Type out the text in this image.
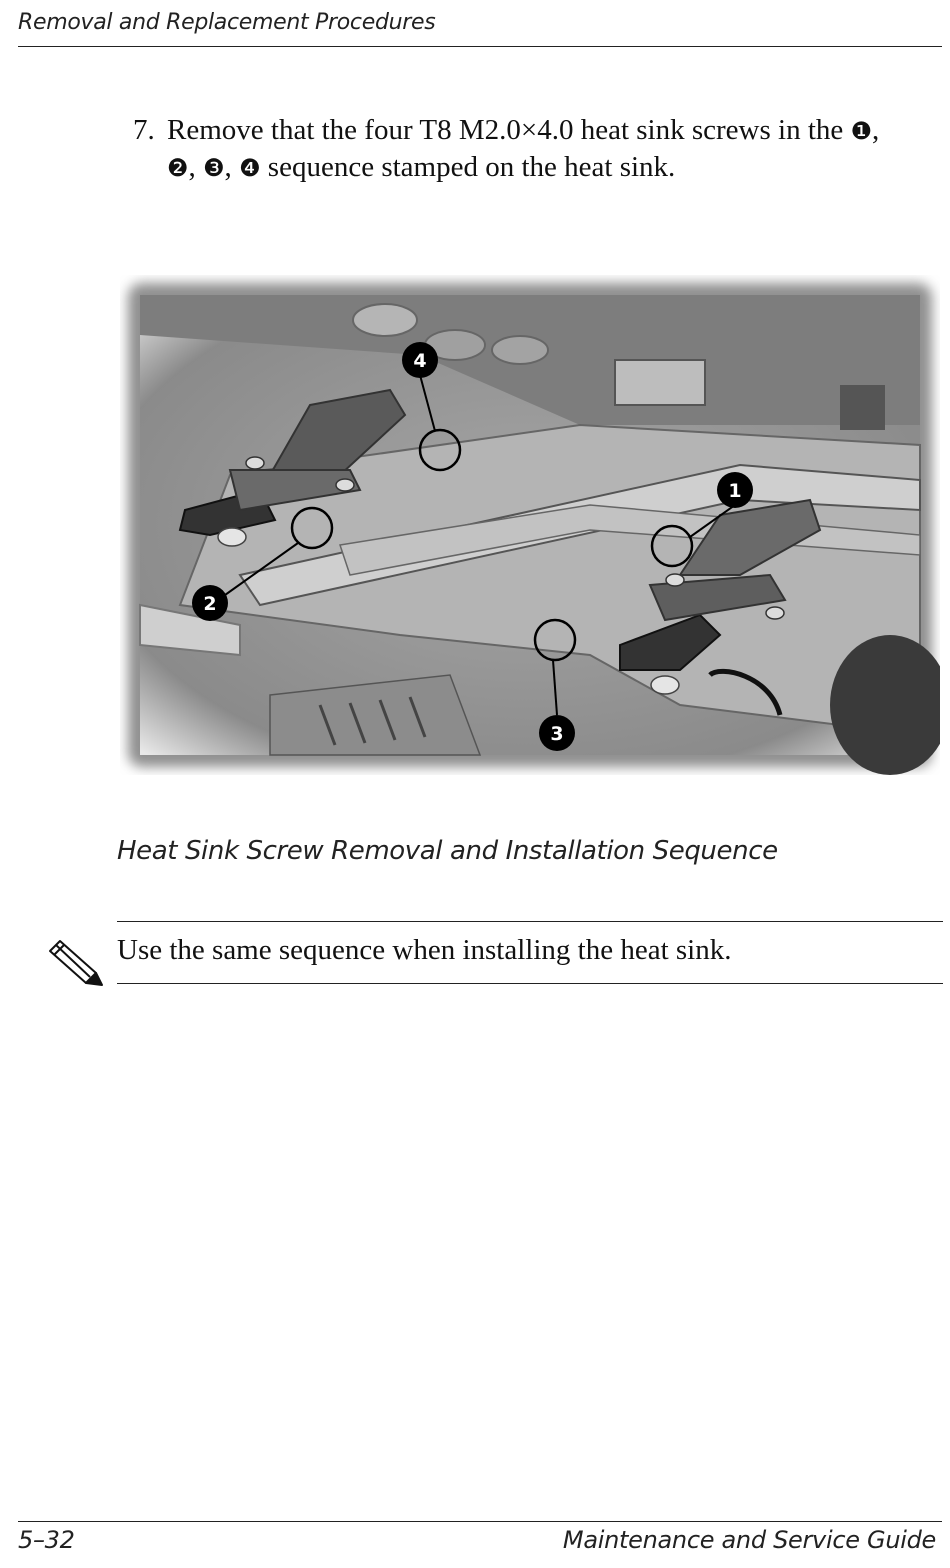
Removal and Replacement Procedures
7. Remove that the four T8 M2.0×4.0 heat sink screws in the ❶,
❷, ❸, ❹ sequence stamped on the heat sink.
4
1
2
3
Heat Sink Screw Removal and Installation Sequence
Use the same sequence when installing the heat sink.
5–32	Maintenance and Service Guide
